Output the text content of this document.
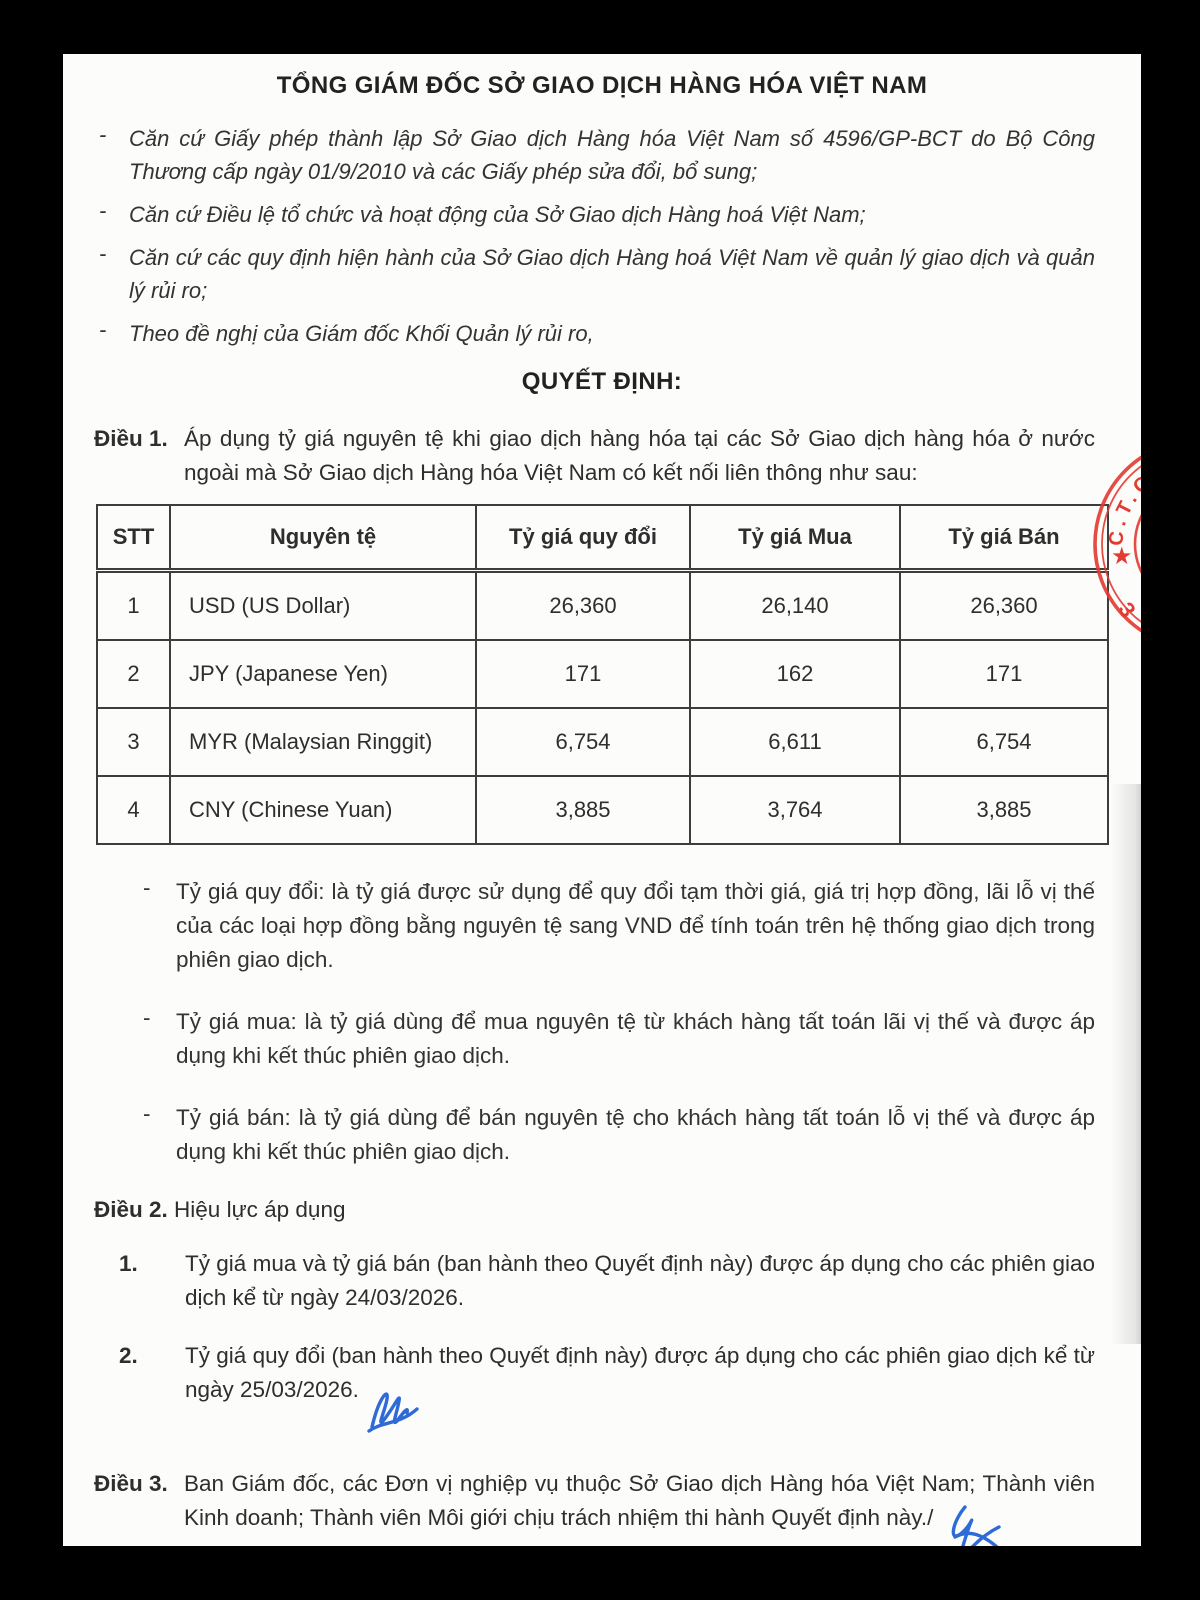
TỔNG GIÁM ĐỐC SỞ GIAO DỊCH HÀNG HÓA VIỆT NAM
-	Căn cứ Giấy phép thành lập Sở Giao dịch Hàng hóa Việt Nam số 4596/GP-BCT do Bộ Công Thương cấp ngày 01/9/2010 và các Giấy phép sửa đổi, bổ sung;
-	Căn cứ Điều lệ tổ chức và hoạt động của Sở Giao dịch Hàng hoá Việt Nam;
-	Căn cứ các quy định hiện hành của Sở Giao dịch Hàng hoá Việt Nam về quản lý giao dịch và quản lý rủi ro;
-	Theo đề nghị của Giám đốc Khối Quản lý rủi ro,
QUYẾT ĐỊNH:
Điều 1. Áp dụng tỷ giá nguyên tệ khi giao dịch hàng hóa tại các Sở Giao dịch hàng hóa ở nước ngoài mà Sở Giao dịch Hàng hóa Việt Nam có kết nối liên thông như sau:
STT	Nguyên tệ	Tỷ giá quy đổi	Tỷ giá Mua	Tỷ giá Bán
1	USD (US Dollar)	26,360	26,140	26,360
2	JPY (Japanese Yen)	171	162	171
3	MYR (Malaysian Ringgit)	6,754	6,611	6,754
4	CNY (Chinese Yuan)	3,885	3,764	3,885
-	Tỷ giá quy đổi: là tỷ giá được sử dụng để quy đổi tạm thời giá, giá trị hợp đồng, lãi lỗ vị thế của các loại hợp đồng bằng nguyên tệ sang VND để tính toán trên hệ thống giao dịch trong phiên giao dịch.
-	Tỷ giá mua: là tỷ giá dùng để mua nguyên tệ từ khách hàng tất toán lãi vị thế và được áp dụng khi kết thúc phiên giao dịch.
-	Tỷ giá bán: là tỷ giá dùng để bán nguyên tệ cho khách hàng tất toán lỗ vị thế và được áp dụng khi kết thúc phiên giao dịch.
Điều 2. Hiệu lực áp dụng
1.	Tỷ giá mua và tỷ giá bán (ban hành theo Quyết định này) được áp dụng cho các phiên giao dịch kể từ ngày 24/03/2026.
2.	Tỷ giá quy đổi (ban hành theo Quyết định này) được áp dụng cho các phiên giao dịch kể từ ngày 25/03/2026.
Điều 3. Ban Giám đốc, các Đơn vị nghiệp vụ thuộc Sở Giao dịch Hàng hóa Việt Nam; Thành viên Kinh doanh; Thành viên Môi giới chịu trách nhiệm thi hành Quyết định này./
C.T.C
★
3
